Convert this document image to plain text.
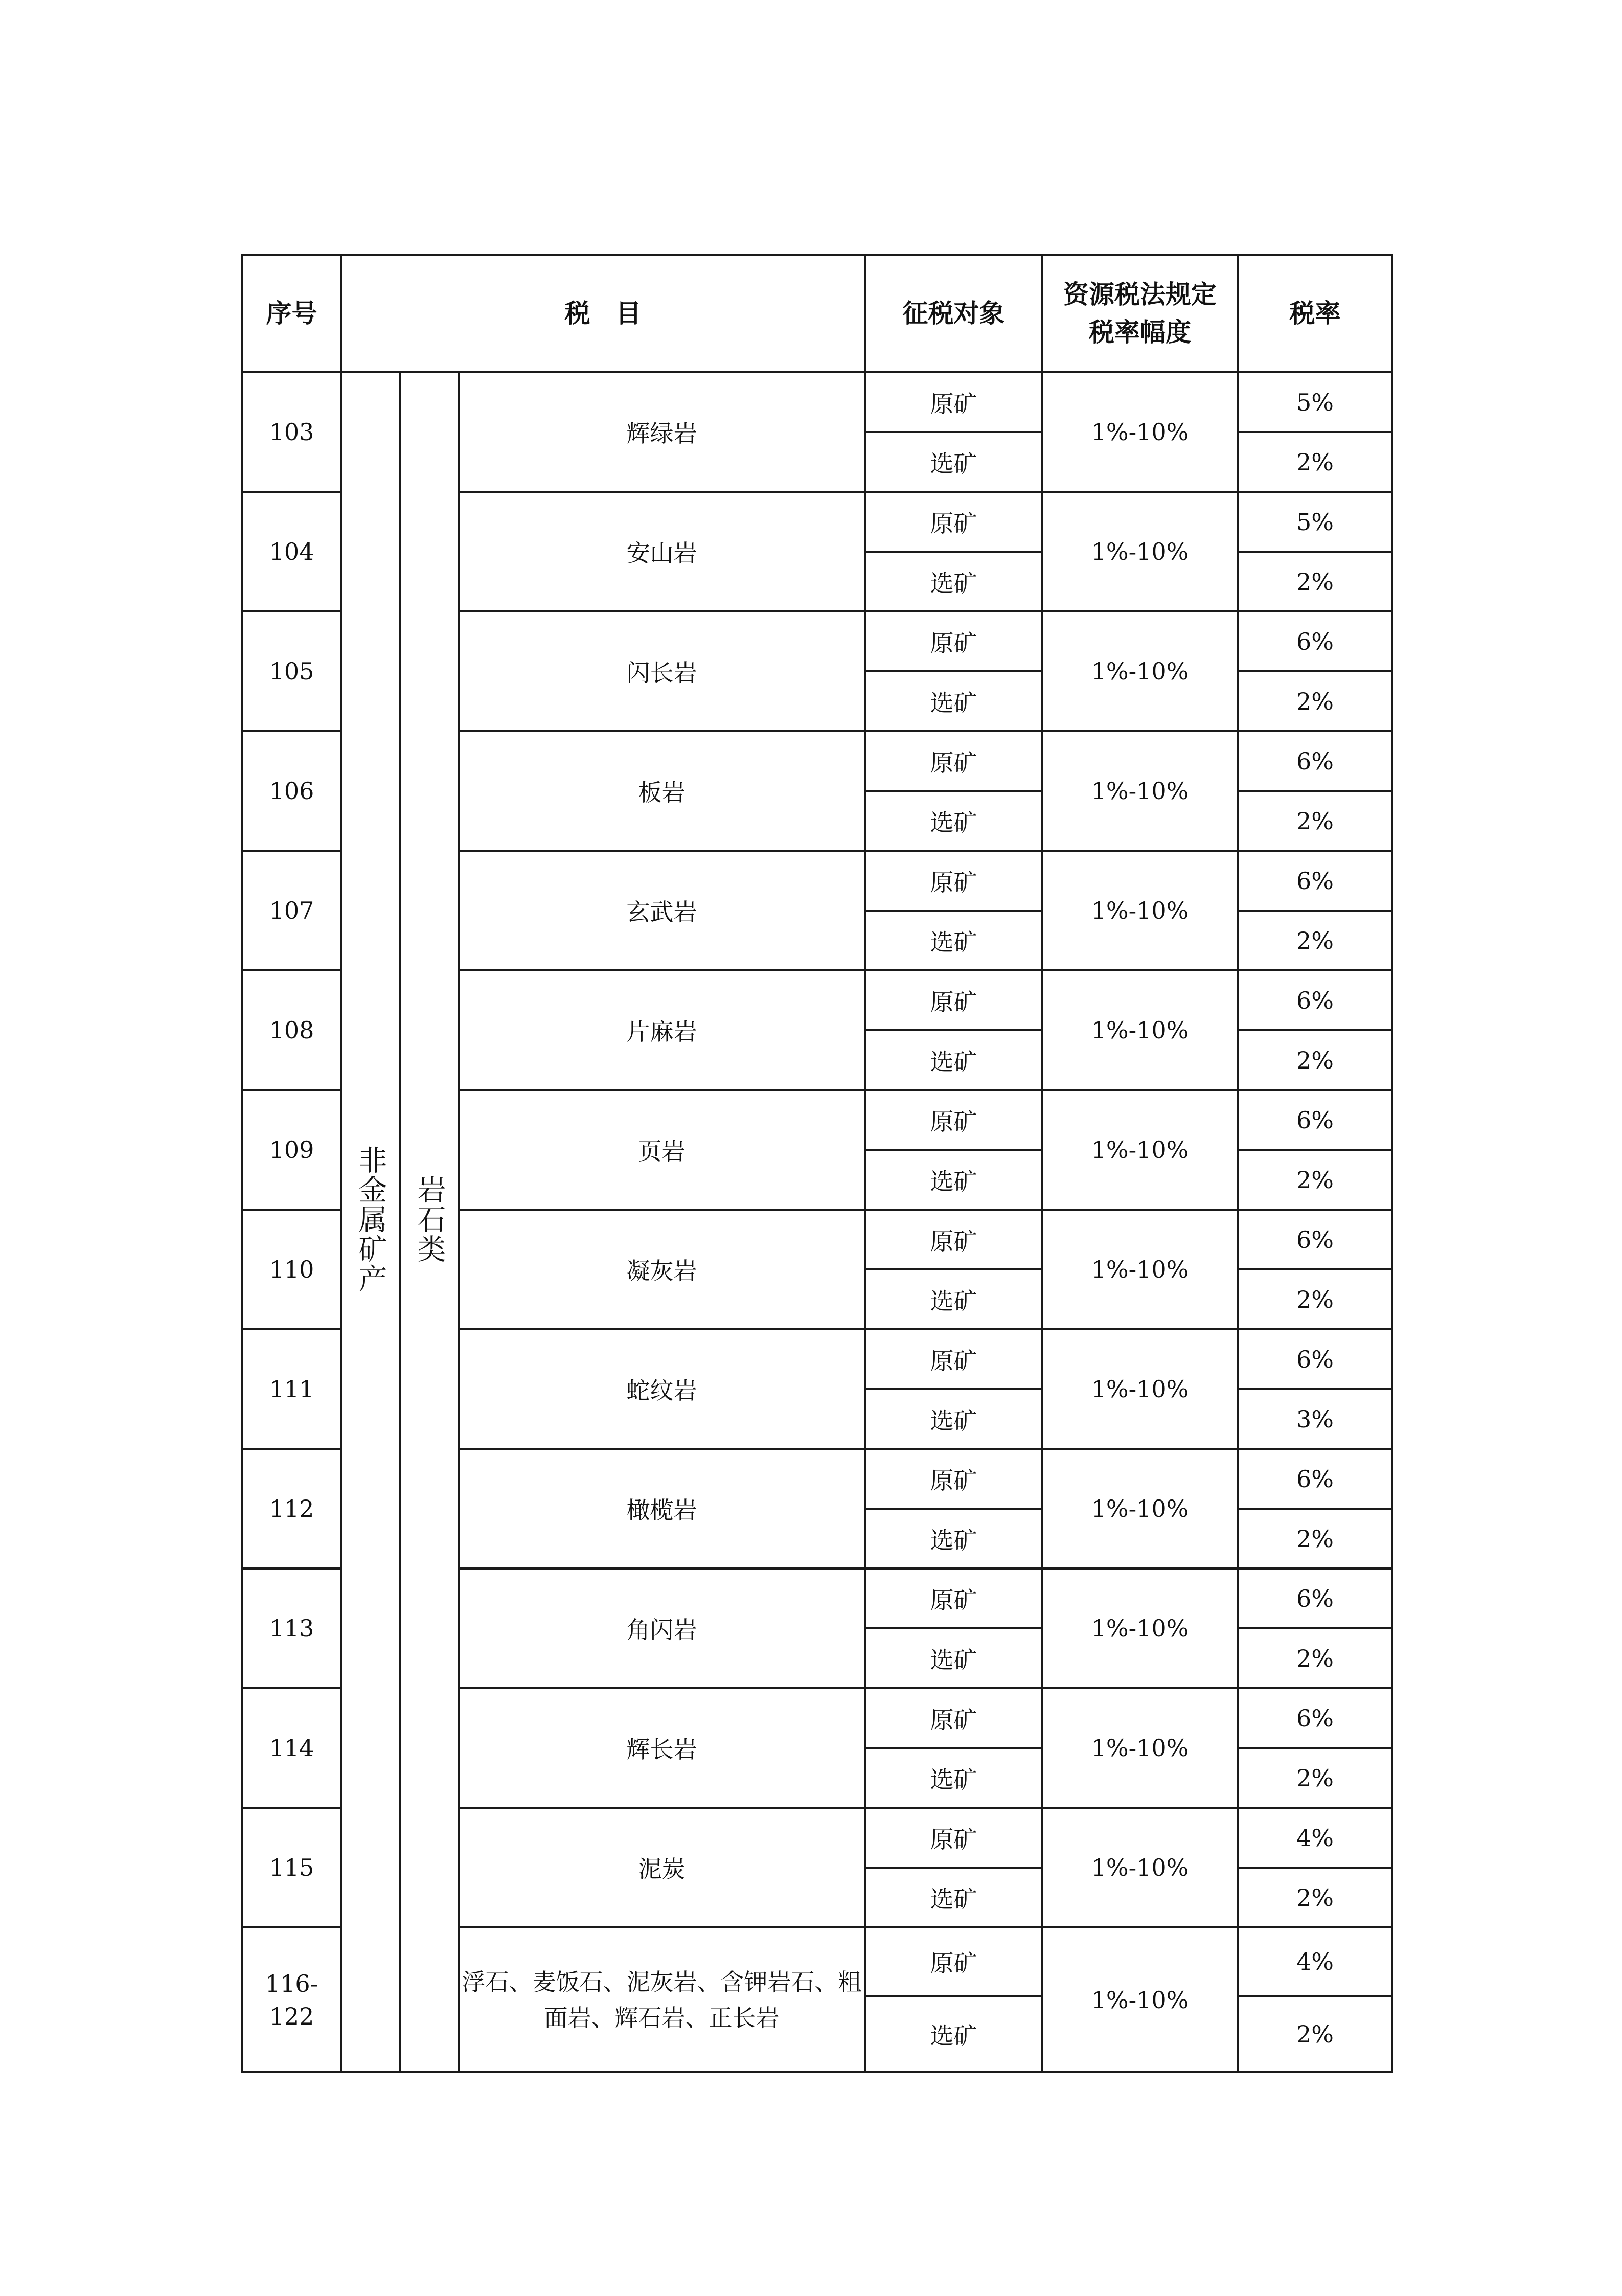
序号	税　目			征税对象	资源税法规定税率幅度	税率
103	非金属矿产	岩石类	辉绿岩	原矿	1%-10%	5%
				选矿		2%
104			安山岩	原矿	1%-10%	5%
				选矿		2%
105			闪长岩	原矿	1%-10%	6%
				选矿		2%
106			板岩	原矿	1%-10%	6%
				选矿		2%
107			玄武岩	原矿	1%-10%	6%
				选矿		2%
108			片麻岩	原矿	1%-10%	6%
				选矿		2%
109			页岩	原矿	1%-10%	6%
				选矿		2%
110			凝灰岩	原矿	1%-10%	6%
				选矿		2%
111			蛇纹岩	原矿	1%-10%	6%
				选矿		3%
112			橄榄岩	原矿	1%-10%	6%
				选矿		2%
113			角闪岩	原矿	1%-10%	6%
				选矿		2%
114			辉长岩	原矿	1%-10%	6%
				选矿		2%
115			泥炭	原矿	1%-10%	4%
				选矿		2%
116-122			浮石、麦饭石、泥灰岩、含钾岩石、粗面岩、辉石岩、正长岩	原矿	1%-10%	4%
				选矿		2%
